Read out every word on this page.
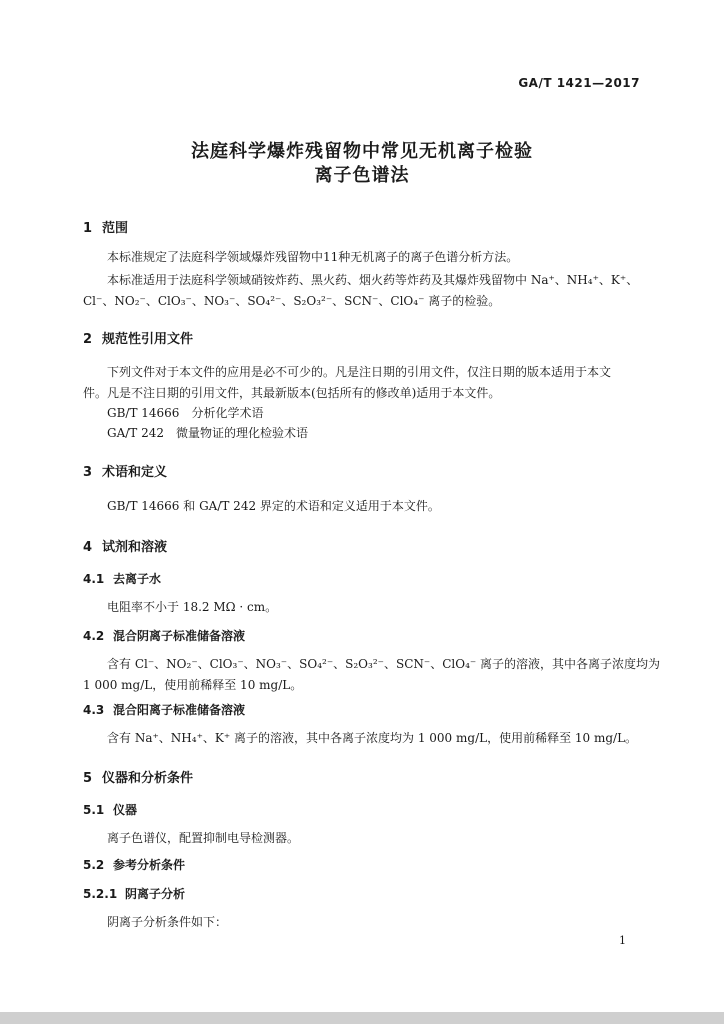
GA/T 1421—2017
法庭科学爆炸残留物中常见无机离子检验
离子色谱法
1 范围
本标准规定了法庭科学领域爆炸残留物中11种无机离子的离子色谱分析方法。
本标准适用于法庭科学领域硝铵炸药、黑火药、烟火药等炸药及其爆炸残留物中 Na⁺、NH₄⁺、K⁺、
Cl⁻、NO₂⁻、ClO₃⁻、NO₃⁻、SO₄²⁻、S₂O₃²⁻、SCN⁻、ClO₄⁻ 离子的检验。
2 规范性引用文件
下列文件对于本文件的应用是必不可少的。凡是注日期的引用文件，仅注日期的版本适用于本文
件。凡是不注日期的引用文件，其最新版本(包括所有的修改单)适用于本文件。
GB/T 14666　分析化学术语
GA/T 242　微量物证的理化检验术语
3 术语和定义
GB/T 14666 和 GA/T 242 界定的术语和定义适用于本文件。
4 试剂和溶液
4.1 去离子水
电阻率不小于 18.2 MΩ · cm。
4.2 混合阴离子标准储备溶液
含有 Cl⁻、NO₂⁻、ClO₃⁻、NO₃⁻、SO₄²⁻、S₂O₃²⁻、SCN⁻、ClO₄⁻ 离子的溶液，其中各离子浓度均为
1 000 mg/L，使用前稀释至 10 mg/L。
4.3 混合阳离子标准储备溶液
含有 Na⁺、NH₄⁺、K⁺ 离子的溶液，其中各离子浓度均为 1 000 mg/L，使用前稀释至 10 mg/L。
5 仪器和分析条件
5.1 仪器
离子色谱仪，配置抑制电导检测器。
5.2 参考分析条件
5.2.1 阴离子分析
阴离子分析条件如下：
1
